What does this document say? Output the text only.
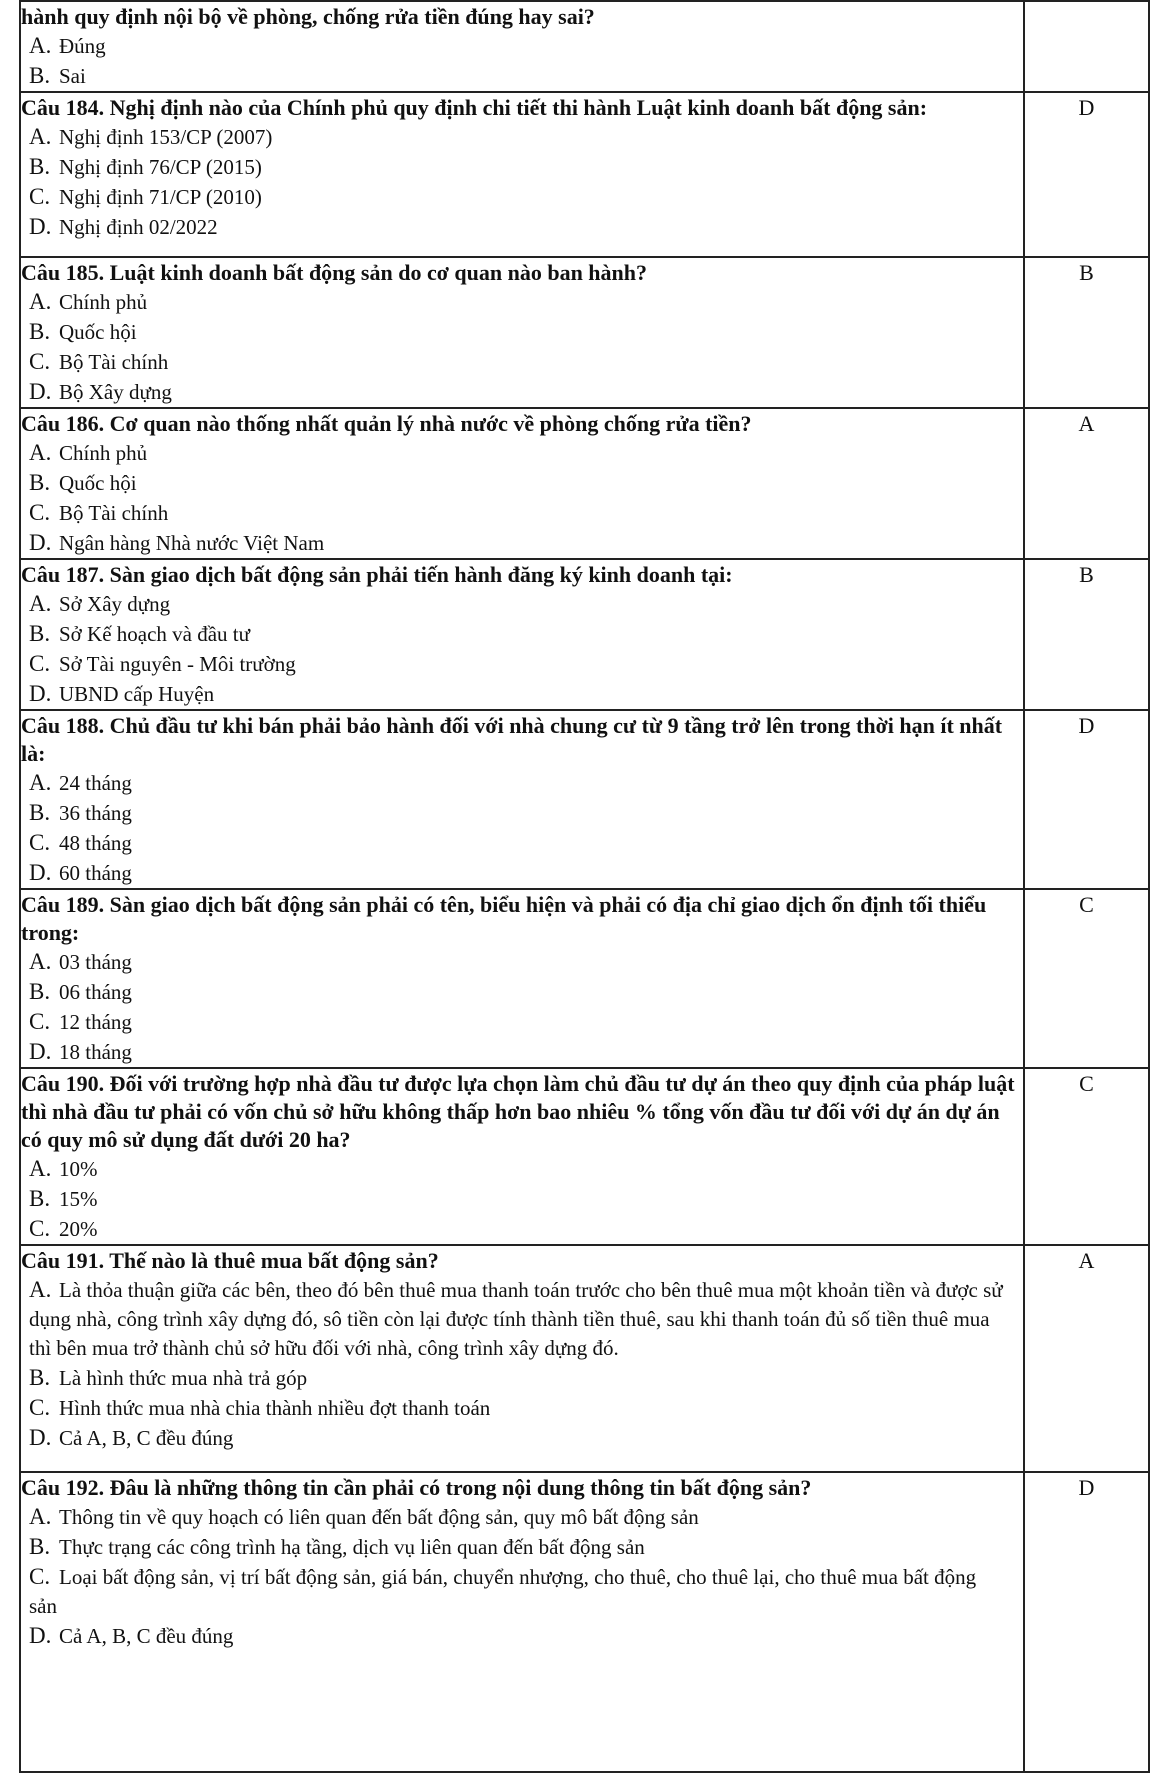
hành quy định nội bộ về phòng, chống rửa tiền đúng hay sai?
A. Đúng
B. Sai	

Câu 184. Nghị định nào của Chính phủ quy định chi tiết thi hành Luật kinh doanh bất động sản:
A. Nghị định 153/CP (2007)
B. Nghị định 76/CP (2015)
C. Nghị định 71/CP (2010)
D. Nghị định 02/2022	D

Câu 185. Luật kinh doanh bất động sản do cơ quan nào ban hành?
A. Chính phủ
B. Quốc hội
C. Bộ Tài chính
D. Bộ Xây dựng	B

Câu 186. Cơ quan nào thống nhất quản lý nhà nước về phòng chống rửa tiền?
A. Chính phủ
B. Quốc hội
C. Bộ Tài chính
D. Ngân hàng Nhà nước Việt Nam	A

Câu 187. Sàn giao dịch bất động sản phải tiến hành đăng ký kinh doanh tại:
A. Sở Xây dựng
B. Sở Kế hoạch và đầu tư
C. Sở Tài nguyên - Môi trường
D. UBND cấp Huyện	B

Câu 188. Chủ đầu tư khi bán phải bảo hành đối với nhà chung cư từ 9 tầng trở lên trong thời hạn ít nhất là:
A. 24 tháng
B. 36 tháng
C. 48 tháng
D. 60 tháng	D

Câu 189. Sàn giao dịch bất động sản phải có tên, biểu hiện và phải có địa chỉ giao dịch ổn định tối thiểu trong:
A. 03 tháng
B. 06 tháng
C. 12 tháng
D. 18 tháng	C

Câu 190. Đối với trường hợp nhà đầu tư được lựa chọn làm chủ đầu tư dự án theo quy định của pháp luật thì nhà đầu tư phải có vốn chủ sở hữu không thấp hơn bao nhiêu % tổng vốn đầu tư đối với dự án dự án có quy mô sử dụng đất dưới 20 ha?
A. 10%
B. 15%
C. 20%	C

Câu 191. Thế nào là thuê mua bất động sản?
A. Là thỏa thuận giữa các bên, theo đó bên thuê mua thanh toán trước cho bên thuê mua một khoản tiền và được sử dụng nhà, công trình xây dựng đó, sô tiền còn lại được tính thành tiền thuê, sau khi thanh toán đủ số tiền thuê mua thì bên mua trở thành chủ sở hữu đối với nhà, công trình xây dựng đó.
B. Là hình thức mua nhà trả góp
C. Hình thức mua nhà chia thành nhiều đợt thanh toán
D. Cả A, B, C đều đúng	A

Câu 192. Đâu là những thông tin cần phải có trong nội dung thông tin bất động sản?
A. Thông tin về quy hoạch có liên quan đến bất động sản, quy mô bất động sản
B. Thực trạng các công trình hạ tầng, dịch vụ liên quan đến bất động sản
C. Loại bất động sản, vị trí bất động sản, giá bán, chuyển nhượng, cho thuê, cho thuê lại, cho thuê mua bất động sản
D. Cả A, B, C đều đúng	D
